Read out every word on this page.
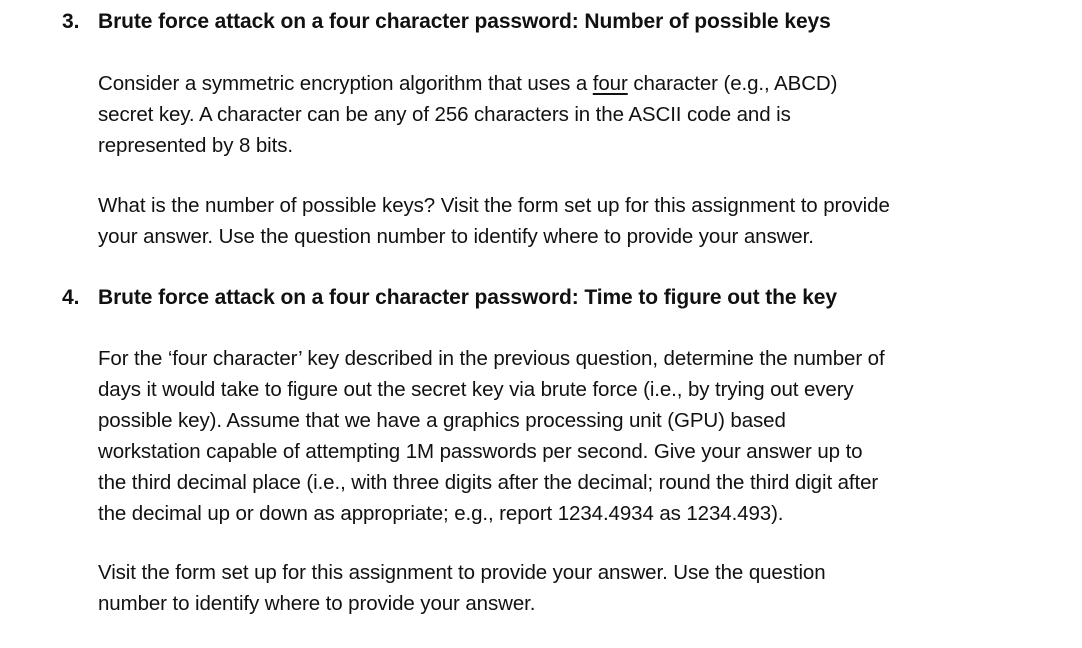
3. Brute force attack on a four character password: Number of possible keys
Consider a symmetric encryption algorithm that uses a four character (e.g., ABCD)
secret key. A character can be any of 256 characters in the ASCII code and is
represented by 8 bits.
What is the number of possible keys? Visit the form set up for this assignment to provide
your answer. Use the question number to identify where to provide your answer.
4. Brute force attack on a four character password: Time to figure out the key
For the ‘four character’ key described in the previous question, determine the number of
days it would take to figure out the secret key via brute force (i.e., by trying out every
possible key). Assume that we have a graphics processing unit (GPU) based
workstation capable of attempting 1M passwords per second. Give your answer up to
the third decimal place (i.e., with three digits after the decimal; round the third digit after
the decimal up or down as appropriate; e.g., report 1234.4934 as 1234.493).
Visit the form set up for this assignment to provide your answer. Use the question
number to identify where to provide your answer.
